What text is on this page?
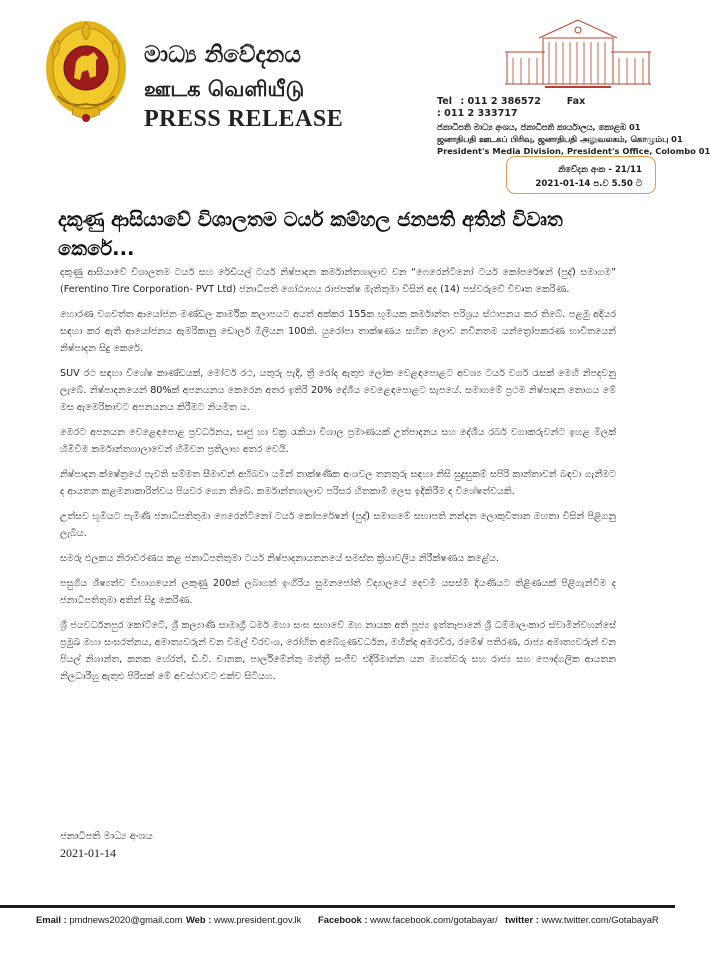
මාධ්‍ය නිවේදනය
ஊடக வெளியீடு
PRESS RELEASE
Tel : 011 2 386572	Fax : 011 2 333717
ජනාධිපති මාධ්‍ය අංශය, ජනාධිපති කාර්යාලය, කොළඹ 01
ஜனாதிபதி ஊடகப் பிரிவு, ஜனாதிபதி அலுவலகம், கொழும்பு 01
President's Media Division, President's Office, Colombo 01
නිවේදන අංක - 21/11
2021-01-14 ප.ව 5.50 ට
දකුණු ආසියාවේ විශාලතම ටයර් කම්හල ජනපති අතින් විවෘත කෙරේ...

දකුණු ආසියාවේ විශාලතම ටයර් සහ රේඩියල් ටයර් නිෂ්පාදන කර්මාන්තශාලාව වන “ෆෙරෙන්ටිනෝ ටයර් කෝපරේෂන් (පුද්) සමාගම” (Ferentino Tire Corporation- PVT Ltd) ජනාධිපති ගෝඨාභය රාජපක්ෂ මැතිතුමා විසින් අද (14) පස්වරුවේ විවෘත කෙරිණ.

හොරණ වගවත්ත ආයෝජන මණ්ඩල කාර්මික කලාපයට අයත් අක්කර 155ක භූමියක කර්මාන්ත පරිශ්‍රය ස්ථාපනය කර තිබේ. පළමු අදියර සඳහා කර ඇති ආයෝජනය ඇමරිකානු ඩොලර් මිලියන 100කි. යුරෝපා තාක්ෂණය සහිත ලොව නවීනතම යන්ත්‍රෝපකරණ භාවිතයෙන් නිෂ්පාදන සිදු කෙරේ.

SUV රථ සඳහා විශේෂ කාණ්ඩයක්, මෝටර් රථ, යතුරු පැදි, ත්‍රී රෝද ඇතුළු ලෝක වෙළඳපොළට අවශ්‍ය ටයර් වර්ග රැසක් මෙහි නිපදවනු ලැබේ. නිෂ්පාදනයෙන් 80%ක් අපනයනය කෙරෙන අතර ඉතිරි 20% දේශීය වෙළෙඳපොළට සැපයේ. සමාගමේ ප්‍රථම නිෂ්පාදන තොගය මේ මස ඇමෙරිකාවට අපනයනය කිරීමට නියමිත ය.

මෙරට අපනයන වෙළෙඳපොළ ප්‍රවර්ධනය, සෘජු හා වක්‍ර රැකියා විශාල ප්‍රමාණයක් උත්පාදනය සහ දේශීය රබර් වගාකරුවන්ට ඉහළ මිලක් හිමිවීම කර්මාන්තශාලාවෙන් හිමිවන ප්‍රතිලාභ අතර වෙයි.

නිෂ්පාදන ක්ෂේත්‍රයේ පැවති සම්මත සීමාවන් අභිබවා යමින් තාක්ෂණික අංශවල තනතුරු සඳහා නිසි සුදුසුකම් සපිරි කාන්තාවන් බඳවා ගැනීමට ද ආයතන කළමනාකාරිත්වය පියවර ගෙන තිබේ. කර්මාන්තශාලාව පරිසර හිතකාමී ලෙස ඉදිකිරීම ද විශේෂත්වයකි.

උත්සව භූමියට පැමිණි ජනාධිපතිතුමා ෆෙරෙන්ටිනෝ ටයර් කෝපරේෂන් (පුද්) සමාගමේ සභාපති නන්දන ලොකුවිතාන මහතා විසින් පිළිගනු ලැබිය.

සමරු ඵලකය නිරාවරණය කළ ජනාධිපතිතුමා ටයර් නිෂ්පාදනායතනයේ සමස්ත ක්‍රියාවලිය නිරීක්ෂණය කළේය.

පසුගිය ශිෂ්‍යත්ව විභාගයෙන් ලකුණු 200ක් ලබාගත් ඉංගිරිය සුමනජෝති විද්‍යාලයේ දෙවමි යසස්මි දියණියට තිළිණයක් පිළිගැන්වීම ද ජනාධිපතිතුමා අතින් සිදු කෙරිණ.

ශ්‍රී ජයවර්ධනපුර කෝට්ටේ, ශ්‍රී කල්‍යාණි සාමාග්‍රී ධර්ම මහා සංඝ සභාවේ මහ නායක අති පූජ්‍ය ඉත්තෑපානේ ශ්‍රී ධම්මාලංකාර ස්වාමීන්වහන්සේ ප්‍රමුඛ මහා සංඝරත්නය, අමාත්‍යවරුන් වන විමල් වීරවංශ, රෝහිත අබේගුණවර්ධන, මහින්ද අමරවීර, රමේෂ් පතිරණ, රාජ්‍ය අමාත්‍යවරුන් වන පියල් නිශාන්ත, කනක හේරත්, ඩී.වී. චානක, පාර්ලිමේන්තු මන්ත්‍රී සංජීව එදිරිමාන්න යන මහත්වරු සහ රාජ්‍ය සහ පෞද්ගලික ආයතන නිලධාරීහු ඇතුළු පිරිසක් මේ අවස්ථාවට එක්ව සිටියහ.

ජනාධිපති මාධ්‍ය අංශය
2021-01-14
Email : pmdnews2020@gmail.com Web : www.president.gov.lk Facebook : www.facebook.com/gotabayar/ twitter : www.twitter.com/GotabayaR
